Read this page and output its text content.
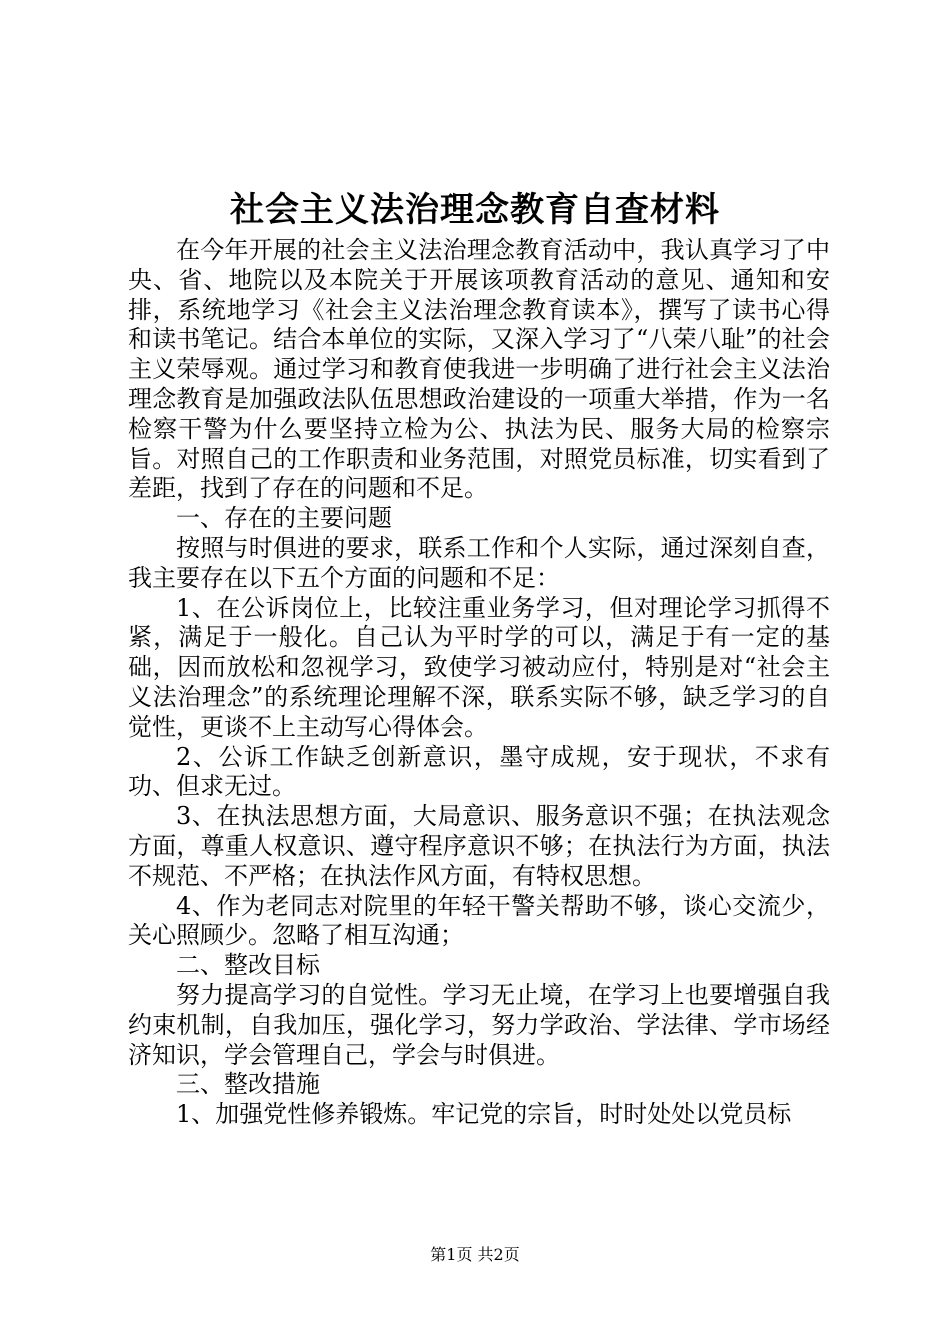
社会主义法治理念教育自查材料

在今年开展的社会主义法治理念教育活动中，我认真学习了中央、省、地院以及本院关于开展该项教育活动的意见、通知和安排，系统地学习《社会主义法治理念教育读本》，撰写了读书心得和读书笔记。结合本单位的实际，又深入学习了“八荣八耻”的社会主义荣辱观。通过学习和教育使我进一步明确了进行社会主义法治理念教育是加强政法队伍思想政治建设的一项重大举措，作为一名检察干警为什么要坚持立检为公、执法为民、服务大局的检察宗旨。对照自己的工作职责和业务范围，对照党员标准，切实看到了差距，找到了存在的问题和不足。

一、存在的主要问题

按照与时俱进的要求，联系工作和个人实际，通过深刻自查，我主要存在以下五个方面的问题和不足：

1、在公诉岗位上，比较注重业务学习，但对理论学习抓得不紧，满足于一般化。自己认为平时学的可以，满足于有一定的基础，因而放松和忽视学习，致使学习被动应付，特别是对“社会主义法治理念”的系统理论理解不深，联系实际不够，缺乏学习的自觉性，更谈不上主动写心得体会。

2、公诉工作缺乏创新意识，墨守成规，安于现状，不求有功、但求无过。

3、在执法思想方面，大局意识、服务意识不强；在执法观念方面，尊重人权意识、遵守程序意识不够；在执法行为方面，执法不规范、不严格；在执法作风方面，有特权思想。

4、作为老同志对院里的年轻干警关帮助不够，谈心交流少，关心照顾少。忽略了相互沟通；

二、整改目标

努力提高学习的自觉性。学习无止境，在学习上也要增强自我约束机制，自我加压，强化学习，努力学政治、学法律、学市场经济知识，学会管理自己，学会与时俱进。

三、整改措施

1、加强党性修养锻炼。牢记党的宗旨，时时处处以党员标

第1页 共2页
